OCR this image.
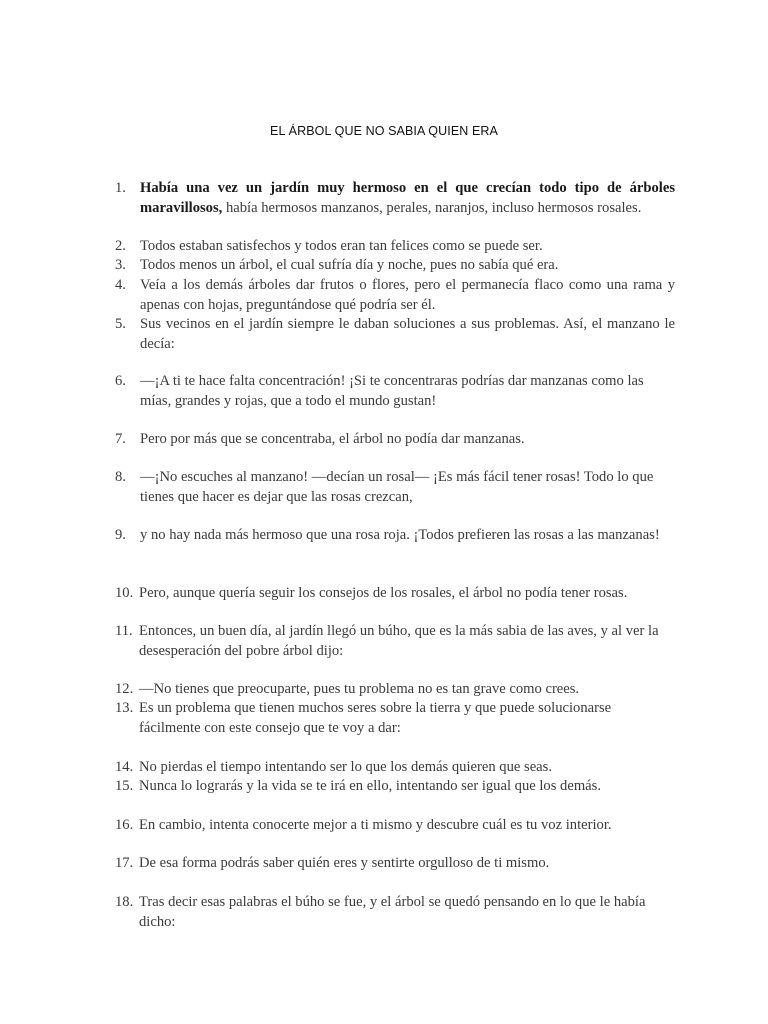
EL ÁRBOL QUE NO SABIA QUIEN ERA
1. Había una vez un jardín muy hermoso en el que crecían todo tipo de árboles maravillosos, había hermosos manzanos, perales, naranjos, incluso hermosos rosales.
2. Todos estaban satisfechos y todos eran tan felices como se puede ser.
3. Todos menos un árbol, el cual sufría día y noche, pues no sabía qué era.
4. Veía a los demás árboles dar frutos o flores, pero el permanecía flaco como una rama y apenas con hojas, preguntándose qué podría ser él.
5. Sus vecinos en el jardín siempre le daban soluciones a sus problemas. Así, el manzano le decía:
6. —¡A ti te hace falta concentración! ¡Si te concentraras podrías dar manzanas como las mías, grandes y rojas, que a todo el mundo gustan!
7. Pero por más que se concentraba, el árbol no podía dar manzanas.
8. —¡No escuches al manzano! —decían un rosal— ¡Es más fácil tener rosas! Todo lo que tienes que hacer es dejar que las rosas crezcan,
9. y no hay nada más hermoso que una rosa roja. ¡Todos prefieren las rosas a las manzanas!
10. Pero, aunque quería seguir los consejos de los rosales, el árbol no podía tener rosas.
11. Entonces, un buen día, al jardín llegó un búho, que es la más sabia de las aves, y al ver la desesperación del pobre árbol dijo:
12. —No tienes que preocuparte, pues tu problema no es tan grave como crees.
13. Es un problema que tienen muchos seres sobre la tierra y que puede solucionarse fácilmente con este consejo que te voy a dar:
14. No pierdas el tiempo intentando ser lo que los demás quieren que seas.
15. Nunca lo lograrás y la vida se te irá en ello, intentando ser igual que los demás.
16. En cambio, intenta conocerte mejor a ti mismo y descubre cuál es tu voz interior.
17. De esa forma podrás saber quién eres y sentirte orgulloso de ti mismo.
18. Tras decir esas palabras el búho se fue, y el árbol se quedó pensando en lo que le había dicho:
